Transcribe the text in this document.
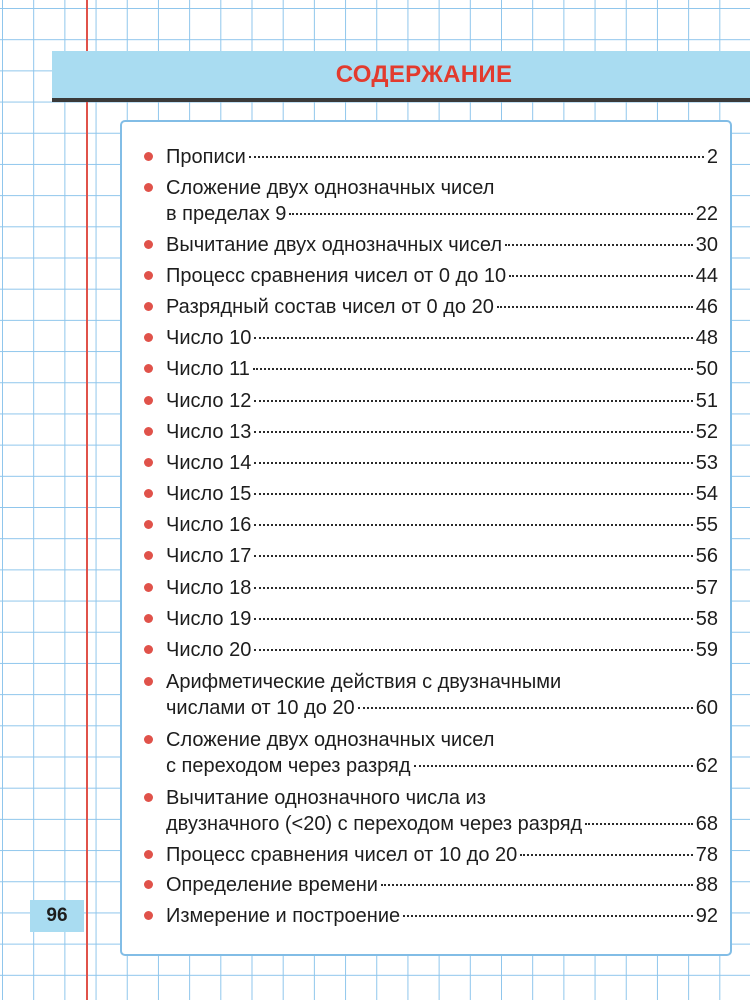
СОДЕРЖАНИЕ
Прописи	2
Сложение двух однозначных чисел
в пределах 9	22
Вычитание двух однозначных чисел	30
Процесс сравнения чисел от 0 до 10	44
Разрядный состав чисел от 0 до 20	46
Число 10	48
Число 11	50
Число 12	51
Число 13	52
Число 14	53
Число 15	54
Число 16	55
Число 17	56
Число 18	57
Число 19	58
Число 20	59
Арифметические действия с двузначными
числами от 10 до 20	60
Сложение двух однозначных чисел
с переходом через разряд	62
Вычитание однозначного числа из
двузначного (<20) с переходом через разряд	68
Процесс сравнения чисел от 10 до 20	78
Определение времени	88
Измерение и построение	92
96
